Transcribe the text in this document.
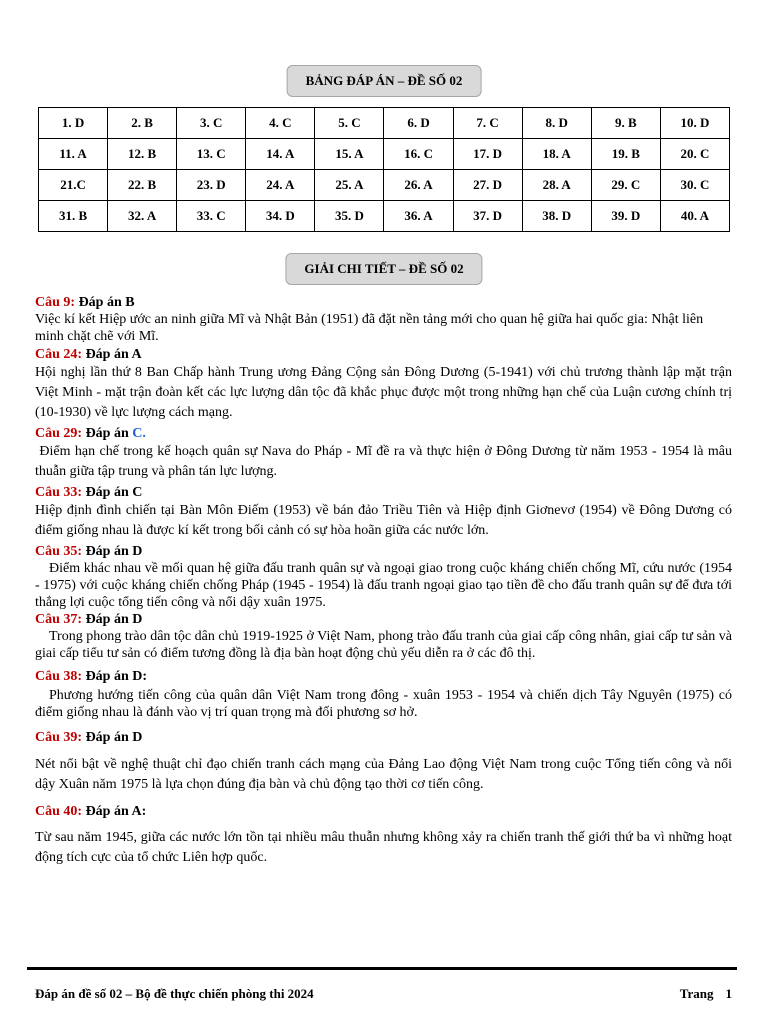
BẢNG ĐÁP ÁN – ĐỀ SỐ 02
1. D	2. B	3. C	4. C	5. C	6. D	7. C	8. D	9. B	10. D
11. A	12. B	13. C	14. A	15. A	16. C	17. D	18. A	19. B	20. C
21.C	22. B	23. D	24. A	25. A	26. A	27. D	28. A	29. C	30. C
31. B	32. A	33. C	34. D	35. D	36. A	37. D	38. D	39. D	40. A
GIẢI CHI TIẾT – ĐỀ SỐ 02

Câu 9: Đáp án B

Việc kí kết Hiệp ước an ninh giữa Mĩ và Nhật Bản (1951) đã đặt nền tảng mới cho quan hệ giữa hai quốc gia: Nhật liên minh chặt chẽ với Mĩ.

Câu 24: Đáp án A

Hội nghị lần thứ 8 Ban Chấp hành Trung ương Đảng Cộng sản Đông Dương (5-1941) với chủ trương thành lập mặt trận Việt Minh - mặt trận đoàn kết các lực lượng dân tộc đã khắc phục được một trong những hạn chế của Luận cương chính trị (10-1930) về lực lượng cách mạng.

Câu 29: Đáp án C.

Điểm hạn chế trong kế hoạch quân sự Nava do Pháp - Mĩ đề ra và thực hiện ở Đông Dương từ năm 1953 - 1954 là mâu thuẫn giữa tập trung và phân tán lực lượng.

Câu 33: Đáp án C

Hiệp định đình chiến tại Bàn Môn Điếm (1953) về bán đảo Triều Tiên và Hiệp định Giơnevơ (1954) về Đông Dương có điểm giống nhau là được kí kết trong bối cảnh có sự hòa hoãn giữa các nước lớn.

Câu 35: Đáp án D

Điểm khác nhau về mối quan hệ giữa đấu tranh quân sự và ngoại giao trong cuộc kháng chiến chống Mĩ, cứu nước (1954 - 1975) với cuộc kháng chiến chống Pháp (1945 - 1954) là đấu tranh ngoại giao tạo tiền đề cho đấu tranh quân sự để đưa tới thắng lợi cuộc tổng tiến công và nổi dậy xuân 1975.

Câu 37: Đáp án D

Trong phong trào dân tộc dân chủ 1919-1925 ở Việt Nam, phong trào đấu tranh của giai cấp công nhân, giai cấp tư sản và giai cấp tiểu tư sản có điểm tương đồng là địa bàn hoạt động chủ yếu diễn ra ở các đô thị.

Câu 38: Đáp án D:

Phương hướng tiến công của quân dân Việt Nam trong đông - xuân 1953 - 1954 và chiến dịch Tây Nguyên (1975) có điểm giống nhau là đánh vào vị trí quan trọng mà đối phương sơ hở.

Câu 39: Đáp án D

Nét nổi bật về nghệ thuật chỉ đạo chiến tranh cách mạng của Đảng Lao động Việt Nam trong cuộc Tổng tiến công và nổi dậy Xuân năm 1975 là lựa chọn đúng địa bàn và chủ động tạo thời cơ tiến công.

Câu 40: Đáp án A:

Từ sau năm 1945, giữa các nước lớn tồn tại nhiều mâu thuẫn nhưng không xảy ra chiến tranh thế giới thứ ba vì những hoạt động tích cực của tổ chức Liên hợp quốc.

Đáp án đề số 02 – Bộ đề thực chiến phòng thi 2024	Trang 1
